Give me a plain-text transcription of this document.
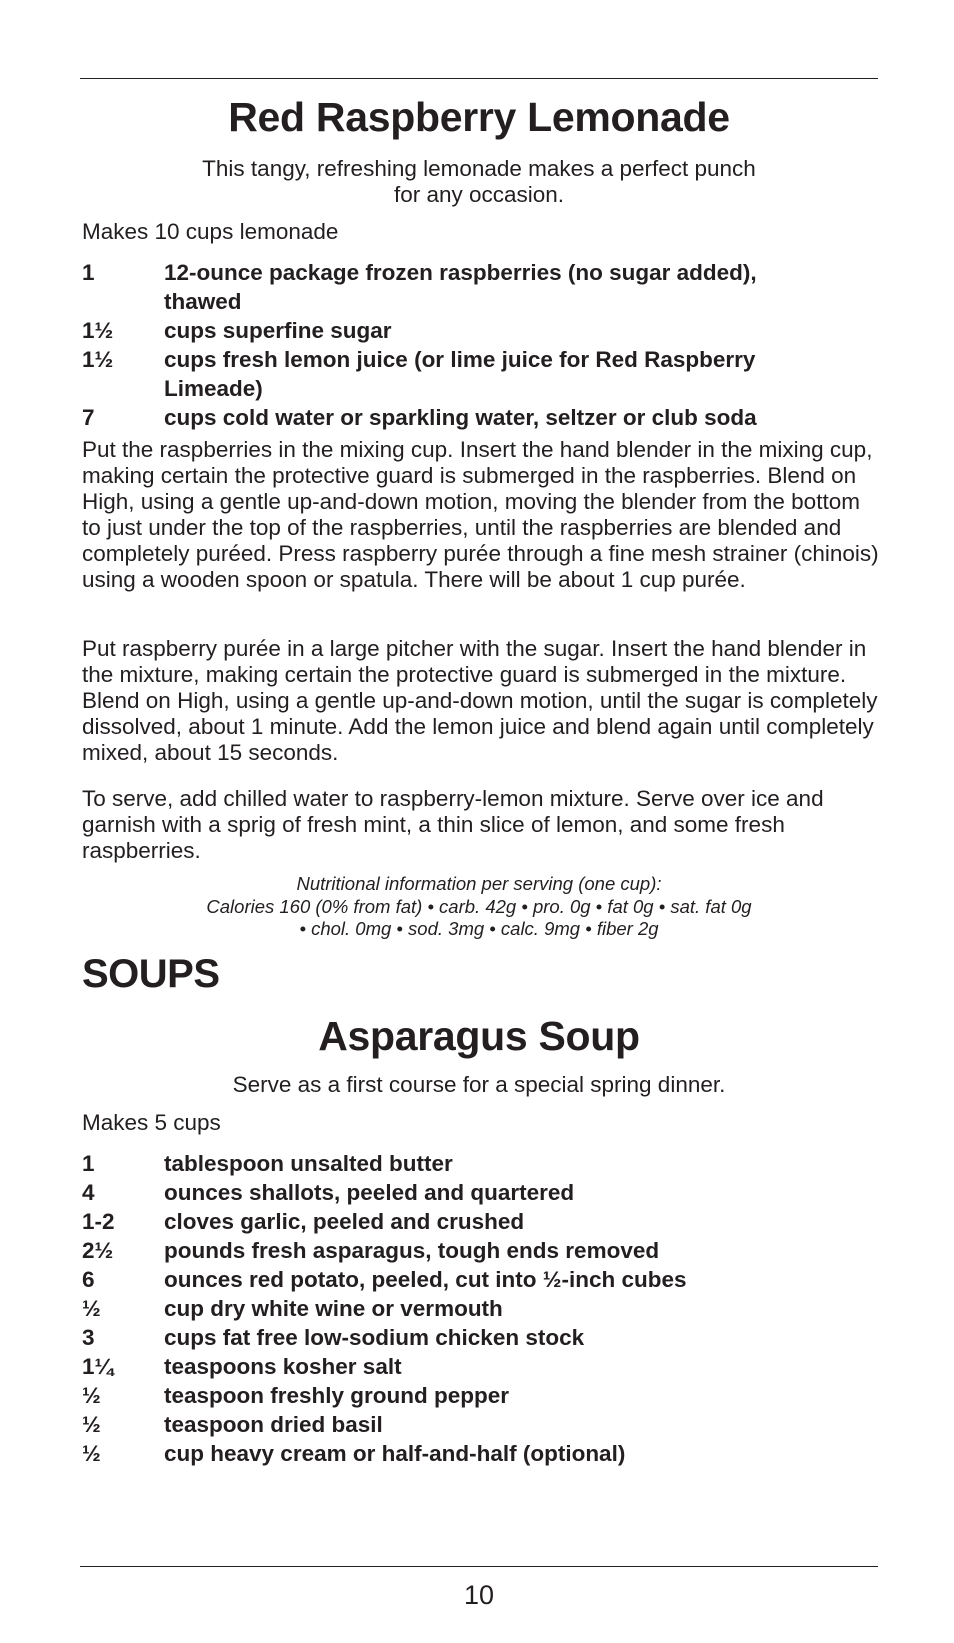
Red Raspberry Lemonade

This tangy, refreshing lemonade makes a perfect punch
for any occasion.

Makes 10 cups lemonade

1	12-ounce package frozen raspberries (no sugar added), thawed
1½	cups superfine sugar
1½	cups fresh lemon juice (or lime juice for Red Raspberry Limeade)
7	cups cold water or sparkling water, seltzer or club soda

Put the raspberries in the mixing cup. Insert the hand blender in the mixing cup, making certain the protective guard is submerged in the raspberries. Blend on High, using a gentle up-and-down motion, moving the blender from the bottom to just under the top of the raspberries, until the raspberries are blended and completely puréed. Press raspberry purée through a fine mesh strainer (chinois) using a wooden spoon or spatula. There will be about 1 cup purée.

Put raspberry purée in a large pitcher with the sugar. Insert the hand blender in the mixture, making certain the protective guard is submerged in the mixture. Blend on High, using a gentle up-and-down motion, until the sugar is completely dissolved, about 1 minute. Add the lemon juice and blend again until completely mixed, about 15 seconds.

To serve, add chilled water to raspberry-lemon mixture. Serve over ice and garnish with a sprig of fresh mint, a thin slice of lemon, and some fresh raspberries.

Nutritional information per serving (one cup):
Calories 160 (0% from fat) • carb. 42g • pro. 0g • fat 0g • sat. fat 0g
• chol. 0mg • sod. 3mg • calc. 9mg • fiber 2g

SOUPS
Asparagus Soup

Serve as a first course for a special spring dinner.

Makes 5 cups

1	tablespoon unsalted butter
4	ounces shallots, peeled and quartered
1-2	cloves garlic, peeled and crushed
2½	pounds fresh asparagus, tough ends removed
6	ounces red potato, peeled, cut into ½-inch cubes
½	cup dry white wine or vermouth
3	cups fat free low-sodium chicken stock
1¼	teaspoons kosher salt
½	teaspoon freshly ground pepper
½	teaspoon dried basil
½	cup heavy cream or half-and-half (optional)

10
